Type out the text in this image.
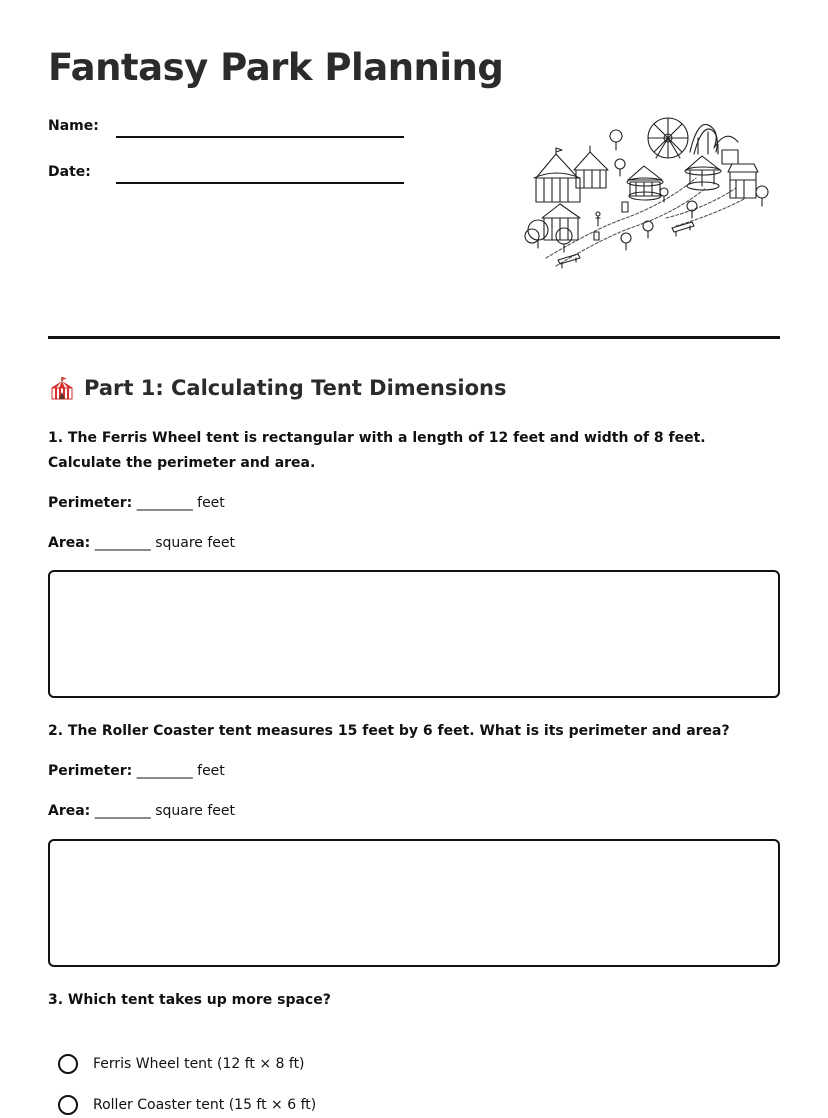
Fantasy Park Planning
Name:
Date:
Part 1: Calculating Tent Dimensions

1. The Ferris Wheel tent is rectangular with a length of 12 feet and width of 8 feet. Calculate the perimeter and area.

Perimeter: ________ feet
Area: ________ square feet

2. The Roller Coaster tent measures 15 feet by 6 feet. What is its perimeter and area?

Perimeter: ________ feet
Area: ________ square feet

3. Which tent takes up more space?

Ferris Wheel tent (12 ft × 8 ft)
Roller Coaster tent (15 ft × 6 ft)
